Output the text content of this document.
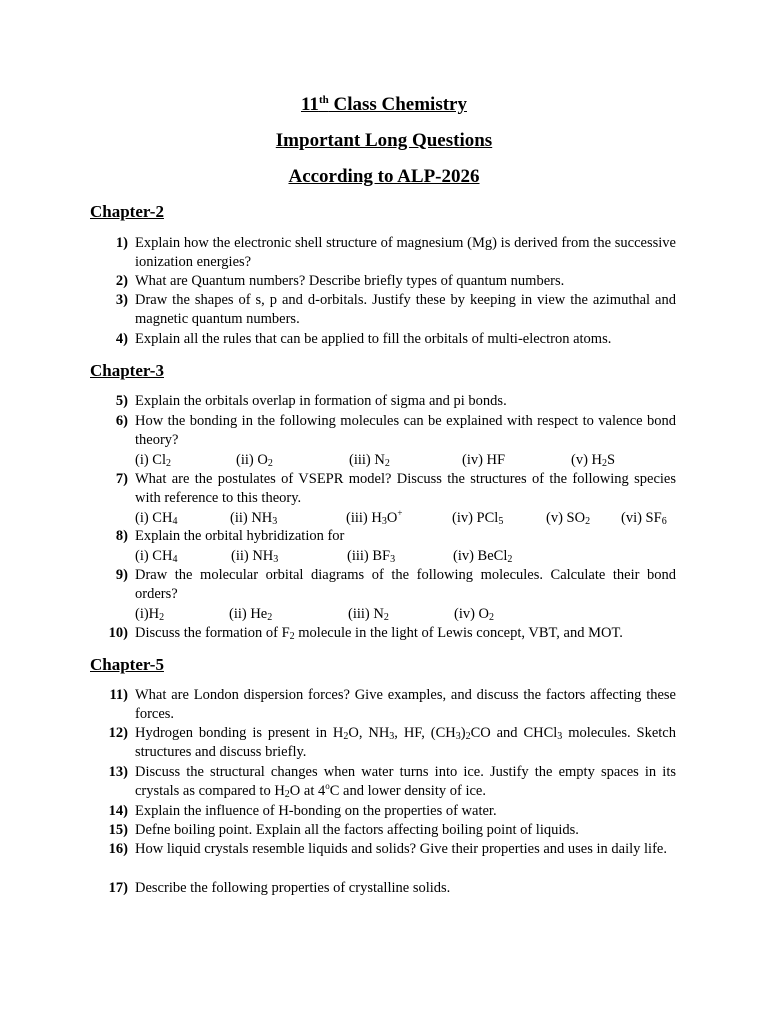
11th Class Chemistry
Important Long Questions
According to ALP-2026
Chapter-2
1) Explain how the electronic shell structure of magnesium (Mg) is derived from the successive ionization energies?
2) What are Quantum numbers? Describe briefly types of quantum numbers.
3) Draw the shapes of s, p and d-orbitals. Justify these by keeping in view the azimuthal and magnetic quantum numbers.
4) Explain all the rules that can be applied to fill the orbitals of multi-electron atoms.
Chapter-3
5) Explain the orbitals overlap in formation of sigma and pi bonds.
6) How the bonding in the following molecules can be explained with respect to valence bond theory?
(i) $Cl_2$	(ii) $O_2$	(iii) $N_2$	(iv) HF	(v) $H_2S$
7) What are the postulates of VSEPR model? Discuss the structures of the following species with reference to this theory.
(i) $CH_4$	(ii) $NH_3$	(iii) $H_3O^+$	(iv) PCl$_5$	(v) $SO_2$ (vi) $SF_6$
8) Explain the orbital hybridization for
(i) $CH_4$	(ii) $NH_3$	(iii) $BF_3$	(iv) BeCl$_2$
9) Draw the molecular orbital diagrams of the following molecules. Calculate their bond orders?
$(i)H_2$	(ii) $He_2$	(iii) $N_2$	(iv) $O_2$
10) Discuss the formation of $F_2$ molecule in the light of Lewis concept, VBT, and MOT.
Chapter-5
11) What are London dispersion forces? Give examples, and discuss the factors affecting these forces.
12) Hydrogen bonding is present in $H_2O$, $NH_3$, HF, $(CH_3)_2CO$ and CHCl$_3$ molecules. Sketch structures and discuss briefly.
13) Discuss the structural changes when water turns into ice. Justify the empty spaces in its crystals as compared to $H_2O$ at 4$^o$C and lower density of ice.
14) Explain the influence of H-bonding on the properties of water.
15) Defne boiling point. Explain all the factors affecting boiling point of liquids.
16) How liquid crystals resemble liquids and solids? Give their properties and uses in daily life.
17) Describe the following properties of crystalline solids.
